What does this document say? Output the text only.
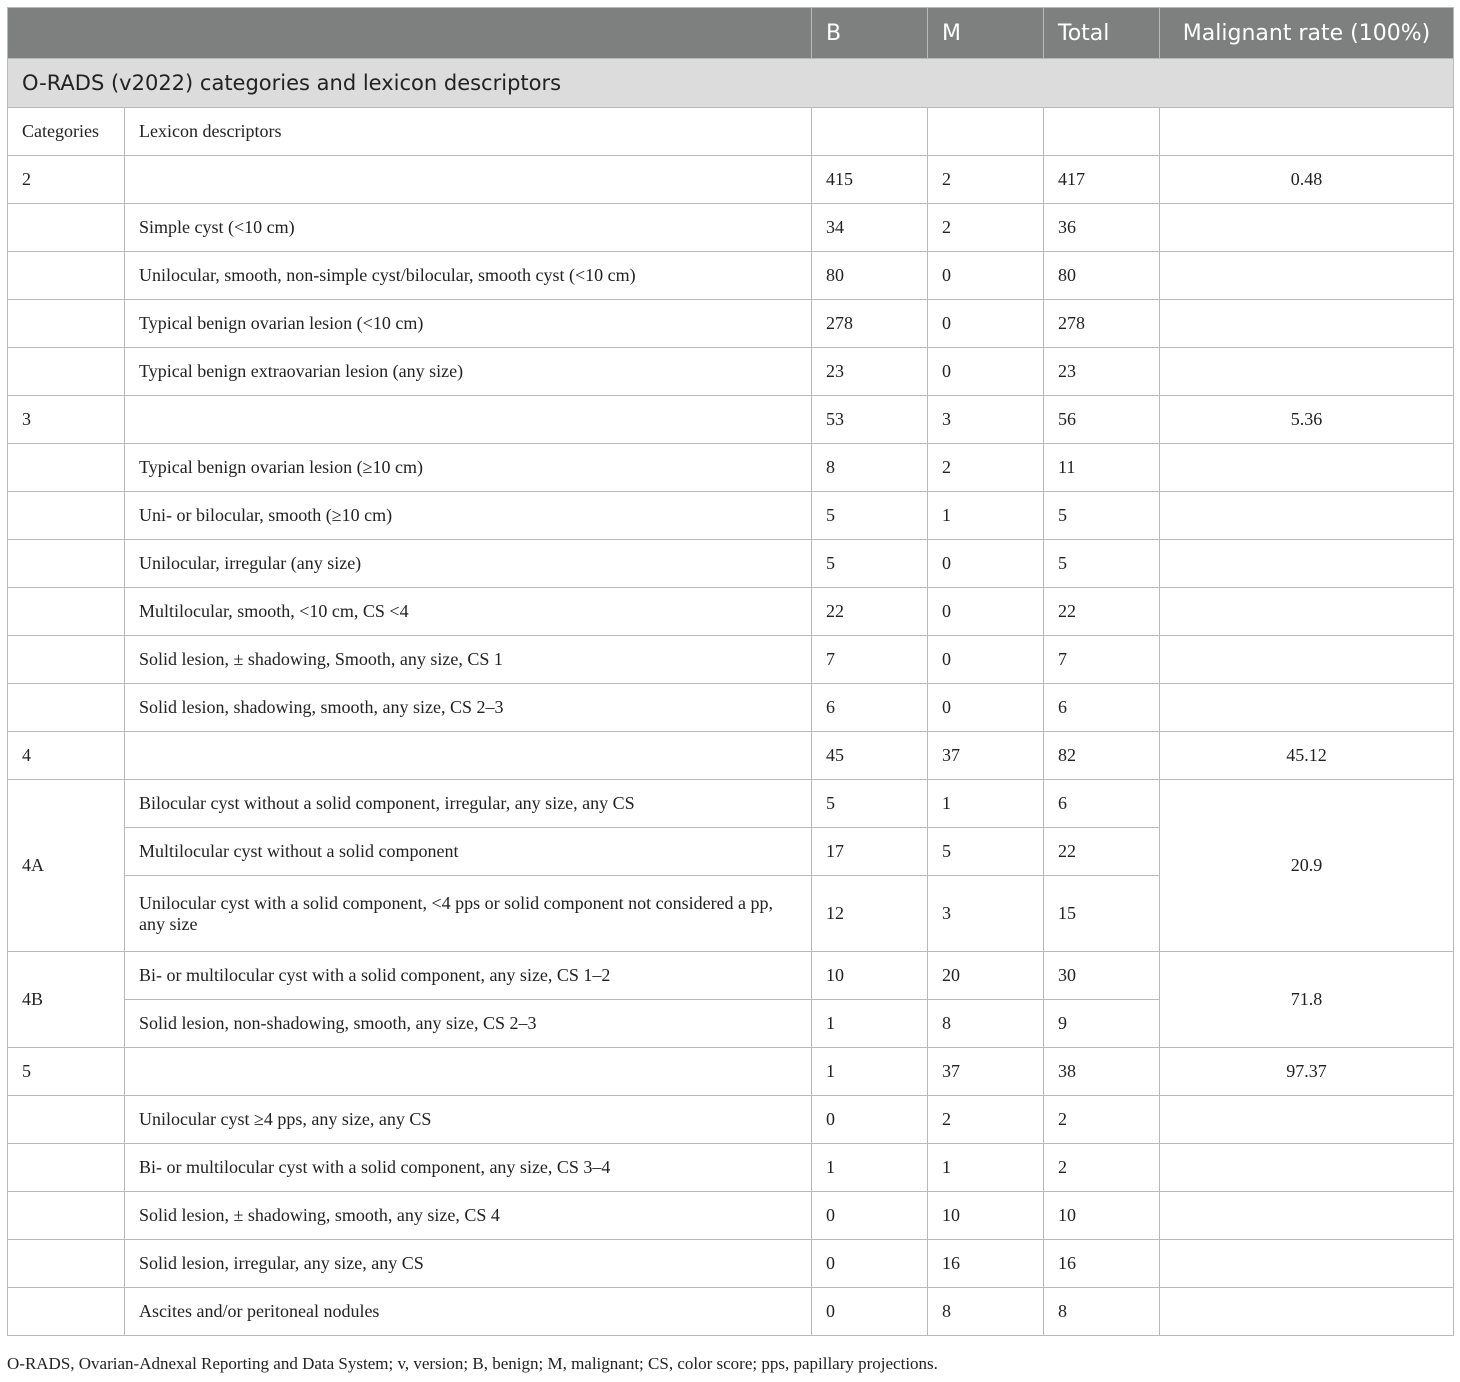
		B	M	Total	Malignant rate (100%)
O-RADS (v2022) categories and lexicon descriptors					
Categories	Lexicon descriptors				
2		415	2	417	0.48
	Simple cyst (<10 cm)	34	2	36	
	Unilocular, smooth, non-simple cyst/bilocular, smooth cyst (<10 cm)	80	0	80	
	Typical benign ovarian lesion (<10 cm)	278	0	278	
	Typical benign extraovarian lesion (any size)	23	0	23	
3		53	3	56	5.36
	Typical benign ovarian lesion (≥10 cm)	8	2	11	
	Uni- or bilocular, smooth (≥10 cm)	5	1	5	
	Unilocular, irregular (any size)	5	0	5	
	Multilocular, smooth, <10 cm, CS <4	22	0	22	
	Solid lesion, ± shadowing, Smooth, any size, CS 1	7	0	7	
	Solid lesion, shadowing, smooth, any size, CS 2–3	6	0	6	
4		45	37	82	45.12
4A	Bilocular cyst without a solid component, irregular, any size, any CS	5	1	6	20.9
	Multilocular cyst without a solid component	17	5	22	
	Unilocular cyst with a solid component, <4 pps or solid component not considered a pp, any size	12	3	15	
4B	Bi- or multilocular cyst with a solid component, any size, CS 1–2	10	20	30	71.8
	Solid lesion, non-shadowing, smooth, any size, CS 2–3	1	8	9	
5		1	37	38	97.37
	Unilocular cyst ≥4 pps, any size, any CS	0	2	2	
	Bi- or multilocular cyst with a solid component, any size, CS 3–4	1	1	2	
	Solid lesion, ± shadowing, smooth, any size, CS 4	0	10	10	
	Solid lesion, irregular, any size, any CS	0	16	16	
	Ascites and/or peritoneal nodules	0	8	8	
O-RADS, Ovarian-Adnexal Reporting and Data System; v, version; B, benign; M, malignant; CS, color score; pps, papillary projections.
